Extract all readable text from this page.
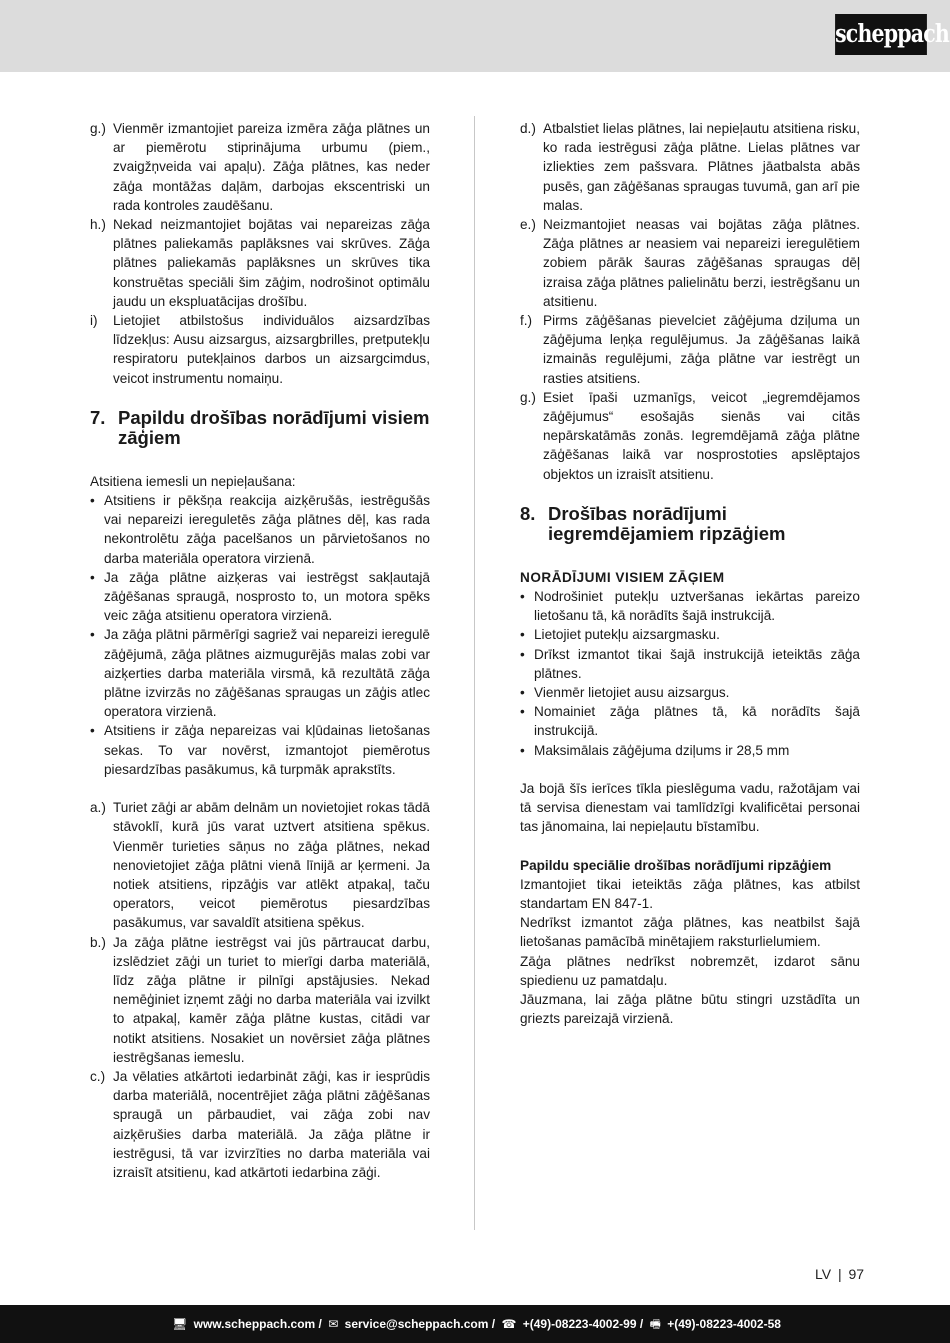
scheppach
g.) Vienmēr izmantojiet pareiza izmēra zāģa plātnes un ar piemērotu stiprinājuma urbumu (piem., zvaigžņveida vai apaļu). Zāģa plātnes, kas neder zāģa montāžas daļām, darbojas ekscentriski un rada kontroles zaudēšanu.
h.) Nekad neizmantojiet bojātas vai nepareizas zāģa plātnes paliekamās paplāksnes vai skrūves. Zāģa plātnes paliekamās paplāksnes un skrūves tika konstruētas speciāli šim zāģim, nodrošinot optimālu jaudu un ekspluatācijas drošību.
i)	Lietojiet atbilstošus individuālos aizsardzības līdzekļus: Ausu aizsargus, aizsargbrilles, pretputekļu respiratoru putekļainos darbos un aizsargcimdus, veicot instrumentu nomaiņu.
7. Papildu drošības norādījumi visiem zāģiem
Atsitiena iemesli un nepieļaušana:
• Atsitiens ir pēkšņa reakcija aizķērušās, iestrēgušās vai nepareizi iereguletēs zāģa plātnes dēļ, kas rada nekontrolētu zāģa pacelšanos un pārvietošanos no darba materiāla operatora virzienā.
• Ja zāģa plātne aizķeras vai iestrēgst sakļautajā zāģēšanas spraugā, nosprosto to, un motora spēks veic zāģa atsitienu operatora virzienā.
• Ja zāģa plātni pārmērīgi sagriež vai nepareizi ieregulē zāģējumā, zāģa plātnes aizmugurējās malas zobi var aizķerties darba materiāla virsmā, kā rezultātā zāģa plātne izvirzās no zāģēšanas spraugas un zāģis atlec operatora virzienā.
• Atsitiens ir zāģa nepareizas vai kļūdainas lietošanas sekas. To var novērst, izmantojot piemērotus piesardzības pasākumus, kā turpmāk aprakstīts.
a.) Turiet zāģi ar abām delnām un novietojiet rokas tādā stāvoklī, kurā jūs varat uztvert atsitiena spēkus. Vienmēr turieties sāņus no zāģa plātnes, nekad nenovietojiet zāģa plātni vienā līnijā ar ķermeni. Ja notiek atsitiens, ripzāģis var atlēkt atpakaļ, taču operators, veicot piemērotus piesardzības pasākumus, var savaldīt atsitiena spēkus.
b.) Ja zāģa plātne iestrēgst vai jūs pārtraucat darbu, izslēdziet zāģi un turiet to mierīgi darba materiālā, līdz zāģa plātne ir pilnīgi apstājusies. Nekad nemēģiniet izņemt zāģi no darba materiāla vai izvilkt to atpakaļ, kamēr zāģa plātne kustas, citādi var notikt atsitiens. Nosakiet un novērsiet zāģa plātnes iestrēgšanas iemeslu.
c.) Ja vēlaties atkārtoti iedarbināt zāģi, kas ir iesprūdis darba materiālā, nocentrējiet zāģa plātni zāģēšanas spraugā un pārbaudiet, vai zāģa zobi nav aizķērušies darba materiālā. Ja zāģa plātne ir iestrēgusi, tā var izvirzīties no darba materiāla vai izraisīt atsitienu, kad atkārtoti iedarbina zāģi.
d.) Atbalstiet lielas plātnes, lai nepieļautu atsitiena risku, ko rada iestrēgusi zāģa plātne. Lielas plātnes var izliekties zem pašsvara. Plātnes jāatbalsta abās pusēs, gan zāģēšanas spraugas tuvumā, gan arī pie malas.
e.) Neizmantojiet neasas vai bojātas zāģa plātnes. Zāģa plātnes ar neasiem vai nepareizi ieregulētiem zobiem pārāk šauras zāģēšanas spraugas dēļ izraisa zāģa plātnes palielinātu berzi, iestrēgšanu un atsitienu.
f.) Pirms zāģēšanas pievelciet zāģējuma dziļuma un zāģējuma leņķa regulējumus. Ja zāģēšanas laikā izmainās regulējumi, zāģa plātne var iestrēgt un rasties atsitiens.
g.) Esiet īpaši uzmanīgs, veicot „iegremdējamos zāģējumus“ esošajās sienās vai citās nepārskatāmās zonās. Iegremdējamā zāģa plātne zāģēšanas laikā var nosprostoties apslēptajos objektos un izraisīt atsitienu.
8. Drošības norādījumi iegremdējamiem ripzāģiem
NORĀDĪJUMI VISIEM ZĀĢIEM
• Nodrošiniet putekļu uztveršanas iekārtas pareizo lietošanu tā, kā norādīts šajā instrukcijā.
• Lietojiet putekļu aizsargmasku.
• Drīkst izmantot tikai šajā instrukcijā ieteiktās zāģa plātnes.
• Vienmēr lietojiet ausu aizsargus.
• Nomainiet zāģa plātnes tā, kā norādīts šajā instrukcijā.
• Maksimālais zāģējuma dziļums ir 28,5 mm
Ja bojā šīs ierīces tīkla pieslēguma vadu, ražotājam vai tā servisa dienestam vai tamlīdzīgi kvalificētai personai tas jānomaina, lai nepieļautu bīstamību.
Papildu speciālie drošības norādījumi ripzāģiem
Izmantojiet tikai ieteiktās zāģa plātnes, kas atbilst standartam EN 847-1.
Nedrīkst izmantot zāģa plātnes, kas neatbilst šajā lietošanas pamācībā minētajiem raksturlielumiem.
Zāģa plātnes nedrīkst nobremzēt, izdarot sānu spiedienu uz pamatdaļu.
Jāuzmana, lai zāģa plātne būtu stingri uzstādīta un griezts pareizajā virzienā.
LV | 97
🖥 www.scheppach.com / ✉ service@scheppach.com / ☎ +(49)-08223-4002-99 / 🖷 +(49)-08223-4002-58
